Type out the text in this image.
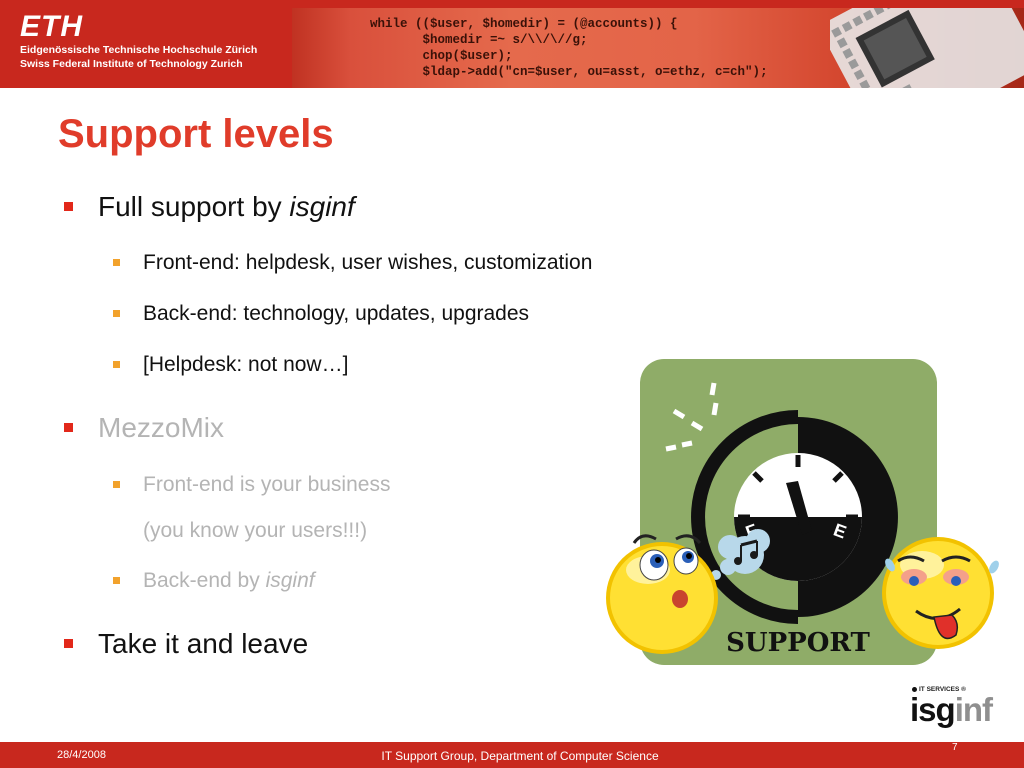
ETH
Eidgenössische Technische Hochschule Zürich
Swiss Federal Institute of Technology Zurich
while (($user, $homedir) = (@accounts)) {
$homedir =~ s/\\/\//g;
chop($user);
$ldap->add("cn=$user, ou=asst, o=ethz, c=ch");
Support levels
Full support by isginf
Front-end: helpdesk, user wishes, customization
Back-end: technology, updates, upgrades
[Helpdesk: not now…]
MezzoMix
Front-end is your business
(you know your users!!!)
Back-end by isginf
Take it and leave
E
SUPPORT
IT SERVICES ®
isginf
28/4/2008	IT Support Group, Department of Computer Science
7
